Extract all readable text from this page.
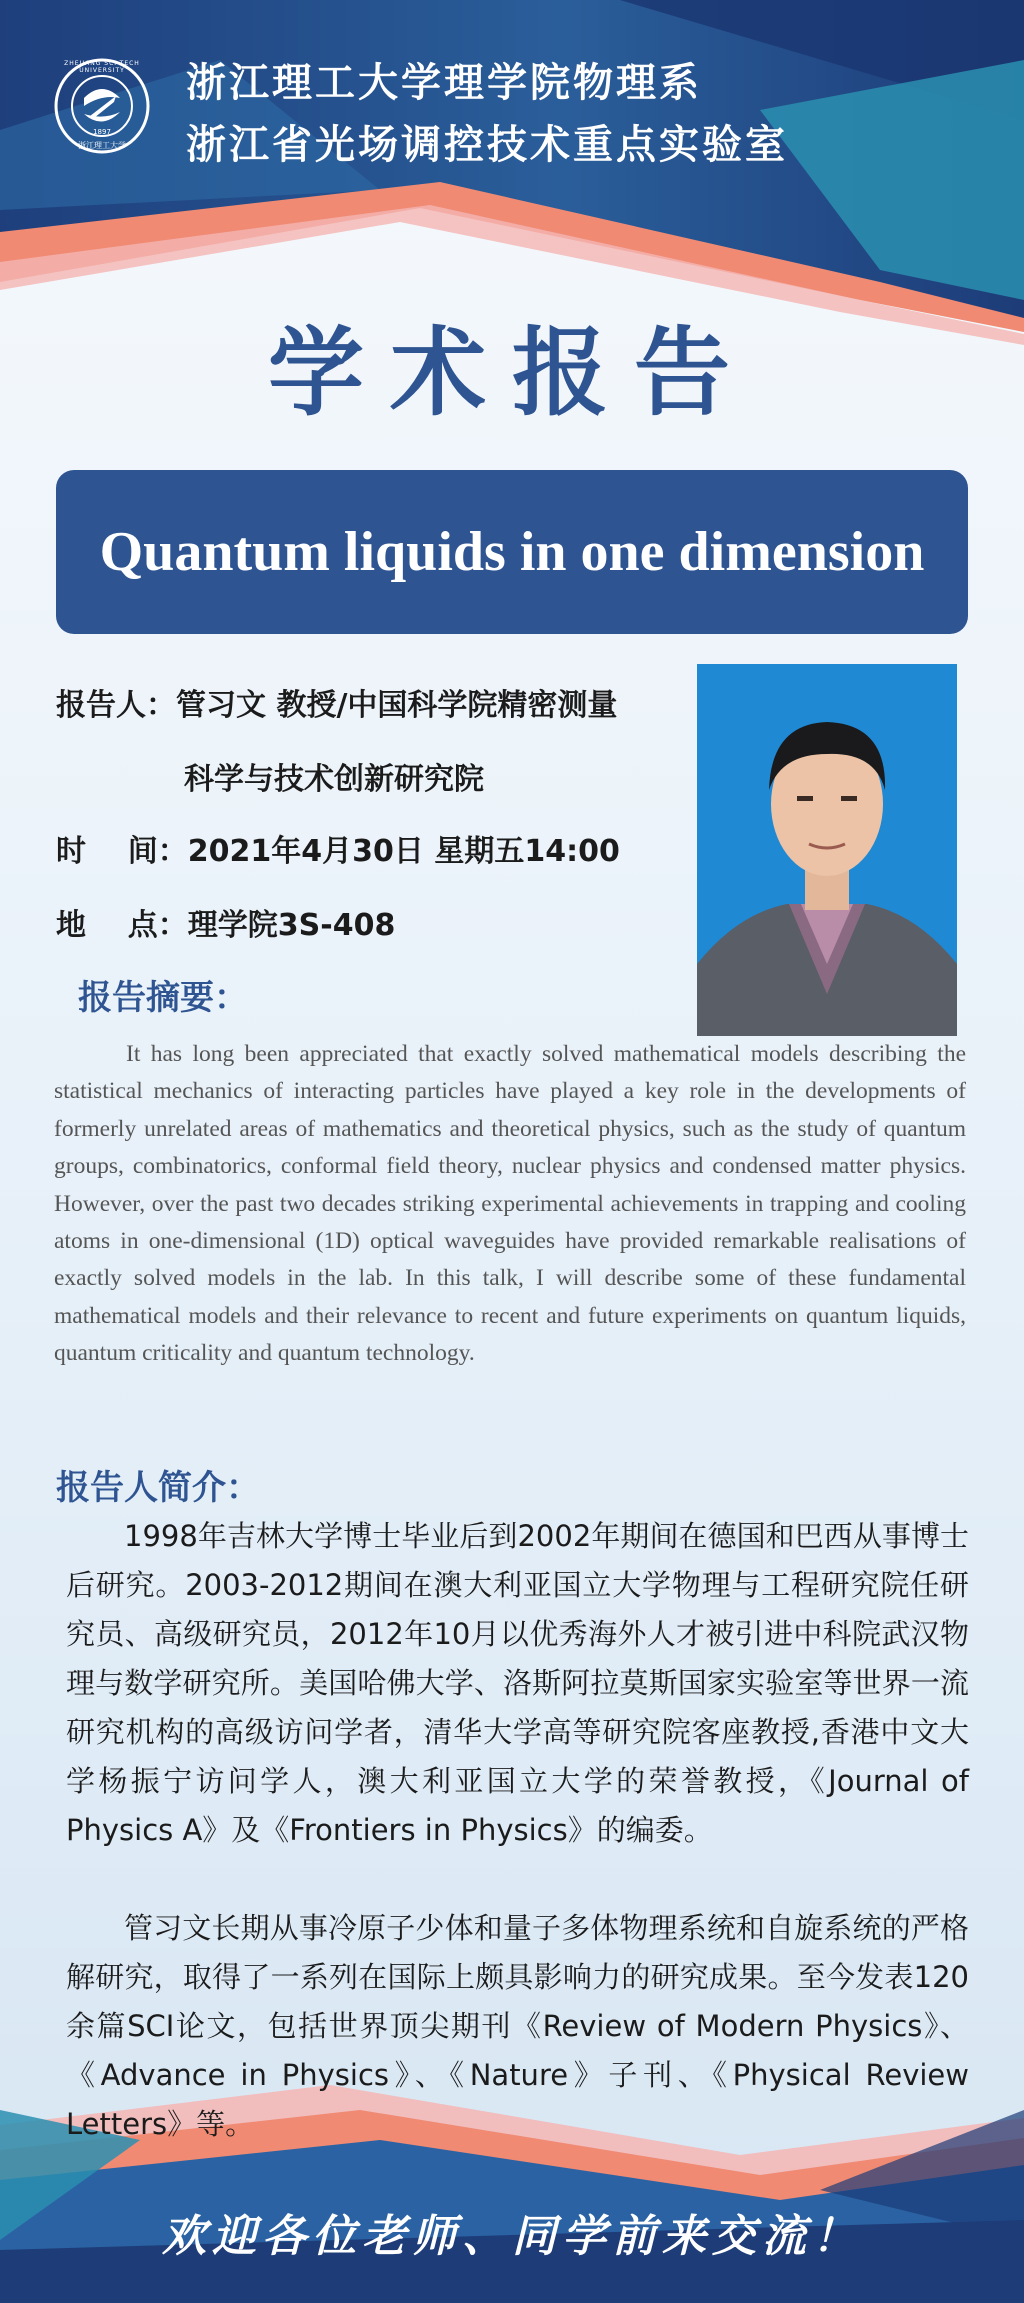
ZHEJIANG SCI-TECH UNIVERSITY
1897
浙江理工大学
浙江理工大学理学院物理系
浙江省光场调控技术重点实验室
学术报告
Quantum liquids in one dimension
报告人：管习文 教授/中国科学院精密测量
科学与技术创新研究院
时    间：2021年4月30日 星期五14:00
地    点：理学院3S-408
报告摘要：

It has long been appreciated that exactly solved mathematical models describing the statistical mechanics of interacting particles have played a key role in the developments of formerly unrelated areas of mathematics and theoretical physics, such as the study of quantum groups, combinatorics, conformal field theory, nuclear physics and condensed matter physics. However, over the past two decades striking experimental achievements in trapping and cooling atoms in one-dimensional (1D) optical waveguides have provided remarkable realisations of exactly solved models in the lab. In this talk, I will describe some of these fundamental mathematical models and their relevance to recent and future experiments on quantum liquids, quantum criticality and quantum technology.

报告人简介：

1998年吉林大学博士毕业后到2002年期间在德国和巴西从事博士后研究。2003-2012期间在澳大利亚国立大学物理与工程研究院任研究员、高级研究员，2012年10月以优秀海外人才被引进中科院武汉物理与数学研究所。美国哈佛大学、洛斯阿拉莫斯国家实验室等世界一流研究机构的高级访问学者，清华大学高等研究院客座教授,香港中文大学杨振宁访问学人，澳大利亚国立大学的荣誉教授，《Journal of Physics A》及《Frontiers in Physics》的编委。

管习文长期从事冷原子少体和量子多体物理系统和自旋系统的严格解研究，取得了一系列在国际上颇具影响力的研究成果。至今发表120余篇SCI论文，包括世界顶尖期刊《Review of Modern Physics》、《Advance in Physics》、《Nature》子刊、《Physical Review Letters》等。

欢迎各位老师、同学前来交流！
